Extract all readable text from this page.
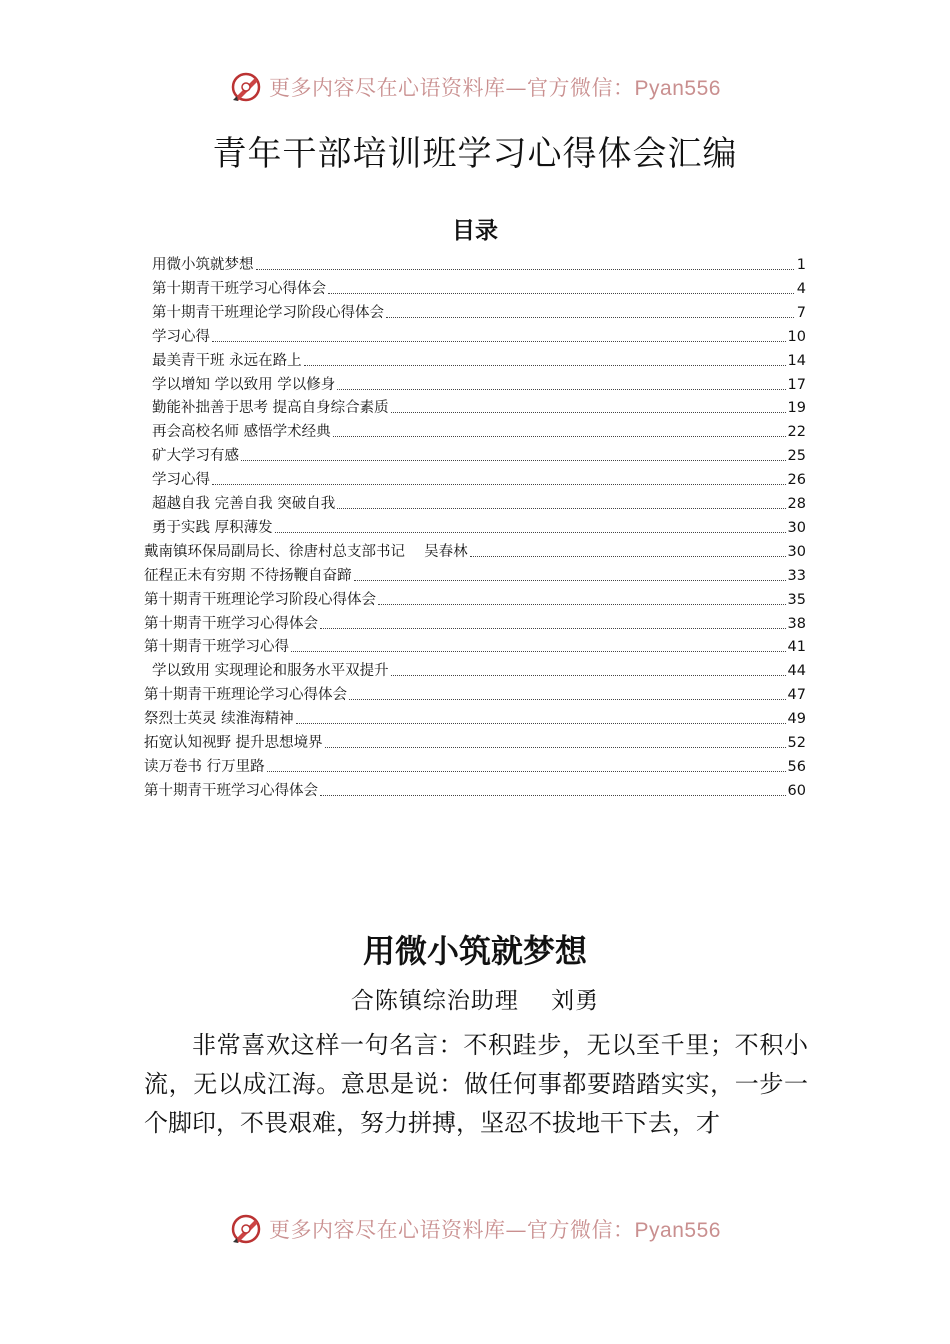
更多内容尽在心语资料库—官方微信：Pyan556
青年干部培训班学习心得体会汇编
目录
用微小筑就梦想	1
第十期青干班学习心得体会	4
第十期青干班理论学习阶段心得体会	7
学习心得	10
最美青干班 永远在路上	14
学以增知 学以致用 学以修身	17
勤能补拙善于思考 提高自身综合素质	19
再会高校名师 感悟学术经典	22
矿大学习有感	25
学习心得	26
超越自我 完善自我 突破自我	28
勇于实践 厚积薄发	30
戴南镇环保局副局长、徐唐村总支部书记　 吴春林	30
征程正未有穷期 不待扬鞭自奋蹄	33
第十期青干班理论学习阶段心得体会	35
第十期青干班学习心得体会	38
第十期青干班学习心得	41
学以致用 实现理论和服务水平双提升	44
第十期青干班理论学习心得体会	47
祭烈士英灵 续淮海精神	49
拓宽认知视野 提升思想境界	52
读万卷书 行万里路	56
第十期青干班学习心得体会	60
用微小筑就梦想
合陈镇综治助理　 刘勇

非常喜欢这样一句名言：不积跬步，无以至千里；不积小流，无以成江海。意思是说：做任何事都要踏踏实实，一步一个脚印，不畏艰难，努力拼搏，坚忍不拔地干下去，才

更多内容尽在心语资料库—官方微信：Pyan556
